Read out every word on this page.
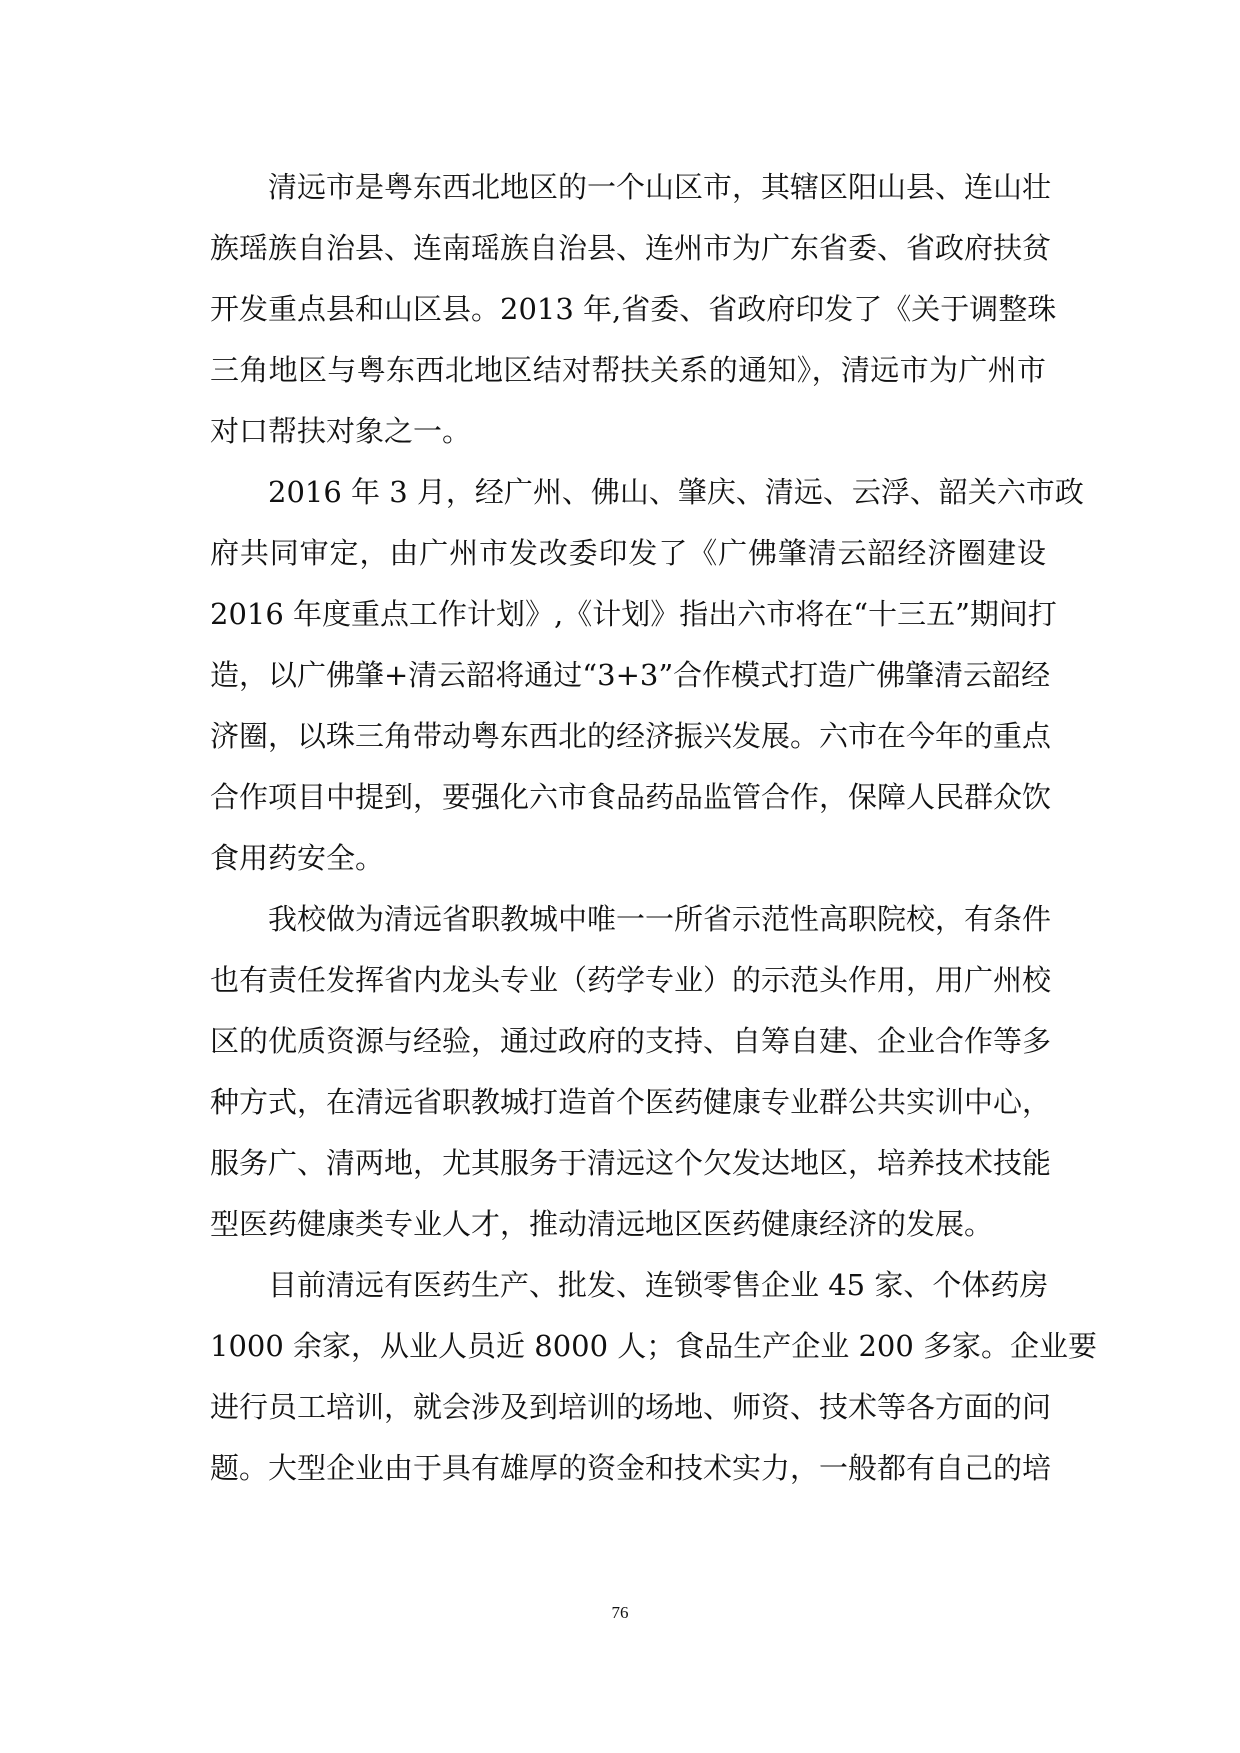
清远市是粤东西北地区的一个山区市，其辖区阳山县、连山壮
族瑶族自治县、连南瑶族自治县、连州市为广东省委、省政府扶贫
开发重点县和山区县。2013 年,省委、省政府印发了《关于调整珠
三角地区与粤东西北地区结对帮扶关系的通知》，清远市为广州市
对口帮扶对象之一。
2016 年 3 月，经广州、佛山、肇庆、清远、云浮、韶关六市政
府共同审定，由广州市发改委印发了《广佛肇清云韶经济圈建设
2016 年度重点工作计划》,《计划》指出六市将在“十三五”期间打
造，以广佛肇+清云韶将通过“3+3”合作模式打造广佛肇清云韶经
济圈，以珠三角带动粤东西北的经济振兴发展。六市在今年的重点
合作项目中提到，要强化六市食品药品监管合作，保障人民群众饮
食用药安全。
我校做为清远省职教城中唯一一所省示范性高职院校，有条件
也有责任发挥省内龙头专业（药学专业）的示范头作用，用广州校
区的优质资源与经验，通过政府的支持、自筹自建、企业合作等多
种方式，在清远省职教城打造首个医药健康专业群公共实训中心，
服务广、清两地，尤其服务于清远这个欠发达地区，培养技术技能
型医药健康类专业人才，推动清远地区医药健康经济的发展。
目前清远有医药生产、批发、连锁零售企业 45 家、个体药房
1000 余家，从业人员近 8000 人；食品生产企业 200 多家。企业要
进行员工培训，就会涉及到培训的场地、师资、技术等各方面的问
题。大型企业由于具有雄厚的资金和技术实力，一般都有自己的培
76
